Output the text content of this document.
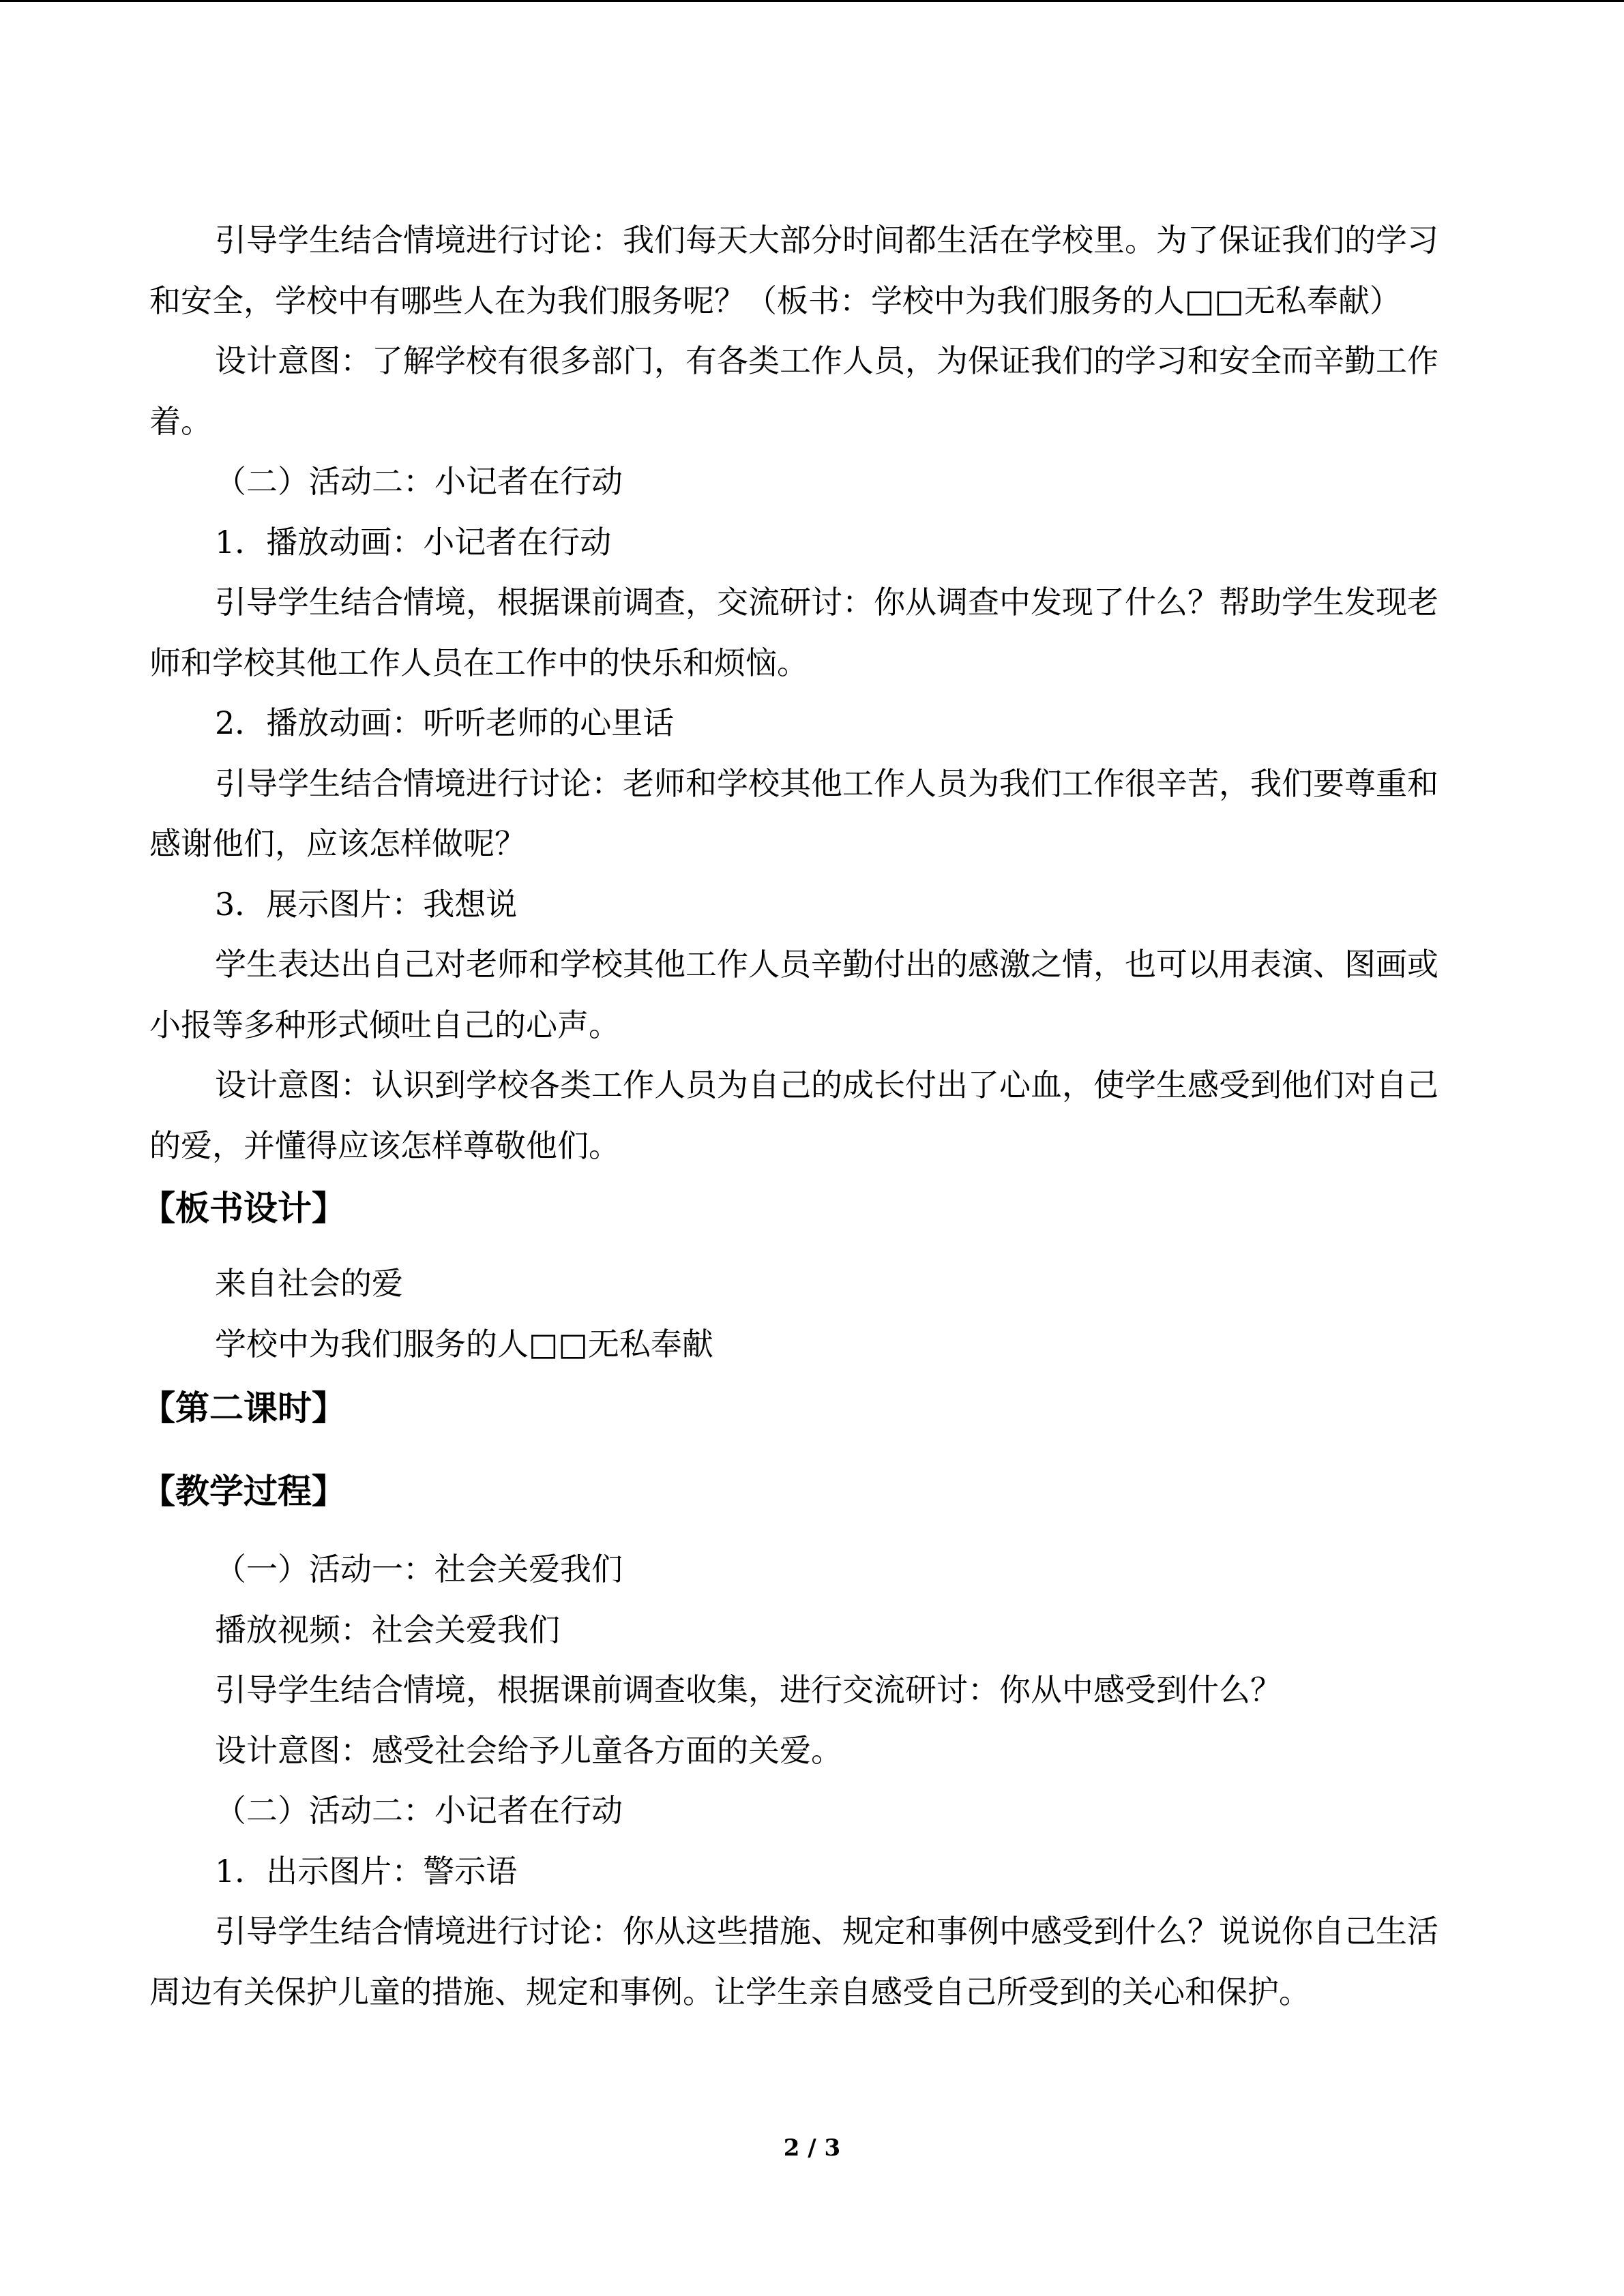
引导学生结合情境进行讨论：我们每天大部分时间都生活在学校里。为了保证我们的学习和安全，学校中有哪些人在为我们服务呢？（板书：学校中为我们服务的人□□无私奉献）

设计意图：了解学校有很多部门，有各类工作人员，为保证我们的学习和安全而辛勤工作着。

（二）活动二：小记者在行动

1．播放动画：小记者在行动

引导学生结合情境，根据课前调查，交流研讨：你从调查中发现了什么？帮助学生发现老师和学校其他工作人员在工作中的快乐和烦恼。

2．播放动画：听听老师的心里话

引导学生结合情境进行讨论：老师和学校其他工作人员为我们工作很辛苦，我们要尊重和感谢他们，应该怎样做呢？

3．展示图片：我想说

学生表达出自己对老师和学校其他工作人员辛勤付出的感激之情，也可以用表演、图画或小报等多种形式倾吐自己的心声。

设计意图：认识到学校各类工作人员为自己的成长付出了心血，使学生感受到他们对自己的爱，并懂得应该怎样尊敬他们。

【板书设计】

来自社会的爱

学校中为我们服务的人□□无私奉献

【第二课时】
【教学过程】

（一）活动一：社会关爱我们

播放视频：社会关爱我们

引导学生结合情境，根据课前调查收集，进行交流研讨：你从中感受到什么？

设计意图：感受社会给予儿童各方面的关爱。

（二）活动二：小记者在行动

1．出示图片：警示语

引导学生结合情境进行讨论：你从这些措施、规定和事例中感受到什么？说说你自己生活周边有关保护儿童的措施、规定和事例。让学生亲自感受自己所受到的关心和保护。

2 / 3
